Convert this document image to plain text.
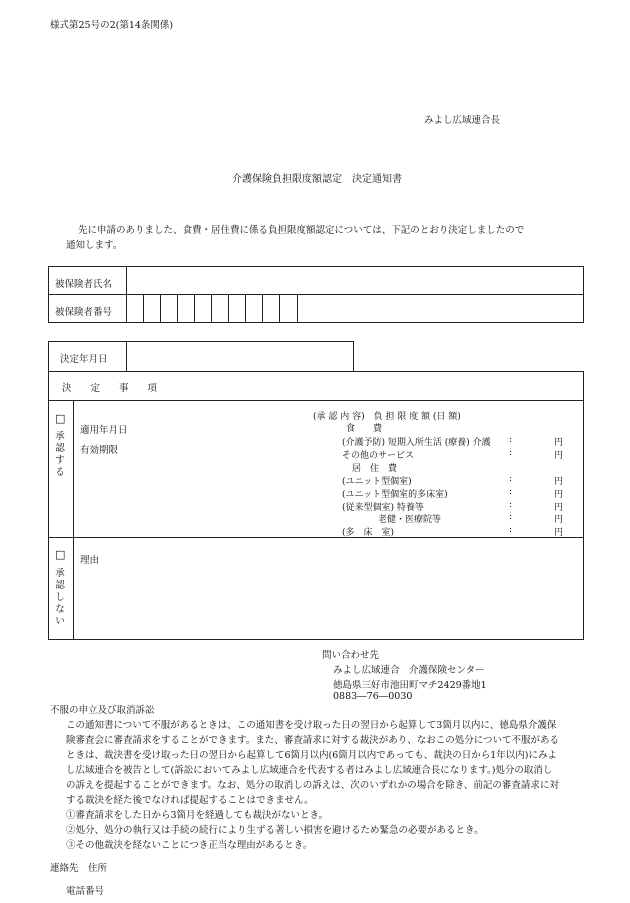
様式第25号の2(第14条関係)
みよし広域連合長
介護保険負担限度額認定　決定通知書
先に申請のありました、食費・居住費に係る負担限度額認定については、下記のとおり決定しましたので
通知します。
被保険者氏名
被保険者番号
決定年月日
決　　定　　事　　項
□
承
認
す
る
適用年月日
有効期限
(承 認 内 容)　負 担 限 度 額 (日 額)
食　　費
(介護予防) 短期入所生活 (療養) 介護 :	円
その他のサービス	:	円
居　住　費
(ユニット型個室)	:	円
(ユニット型個室的多床室)	:	円
(従来型個室) 特養等	:	円
　　　　老健・医療院等	:	円
(多　床　室)	:	円
□
承
認
し
な
い
理由
問い合わせ先
みよし広域連合　介護保険センター
徳島県三好市池田町マチ2429番地1
0883―76―0030
不服の申立及び取消訴訟
この通知書について不服があるときは、この通知書を受け取った日の翌日から起算して3箇月以内に、徳島県介護保
険審査会に審査請求をすることができます。また、審査請求に対する裁決があり、なおこの処分について不服がある
ときは、裁決書を受け取った日の翌日から起算して6箇月以内(6箇月以内であっても、裁決の日から1年以内)にみよ
し広域連合を被告として(訴訟においてみよし広域連合を代表する者はみよし広域連合長になります。)処分の取消し
の訴えを提起することができます。なお、処分の取消しの訴えは、次のいずれかの場合を除き、前記の審査請求に対
する裁決を経た後でなければ提起することはできません。
①審査請求をした日から3箇月を経過しても裁決がないとき。
②処分、処分の執行又は手続の続行により生ずる著しい損害を避けるため緊急の必要があるとき。
③その他裁決を経ないことにつき正当な理由があるとき。
連絡先　住所
電話番号
